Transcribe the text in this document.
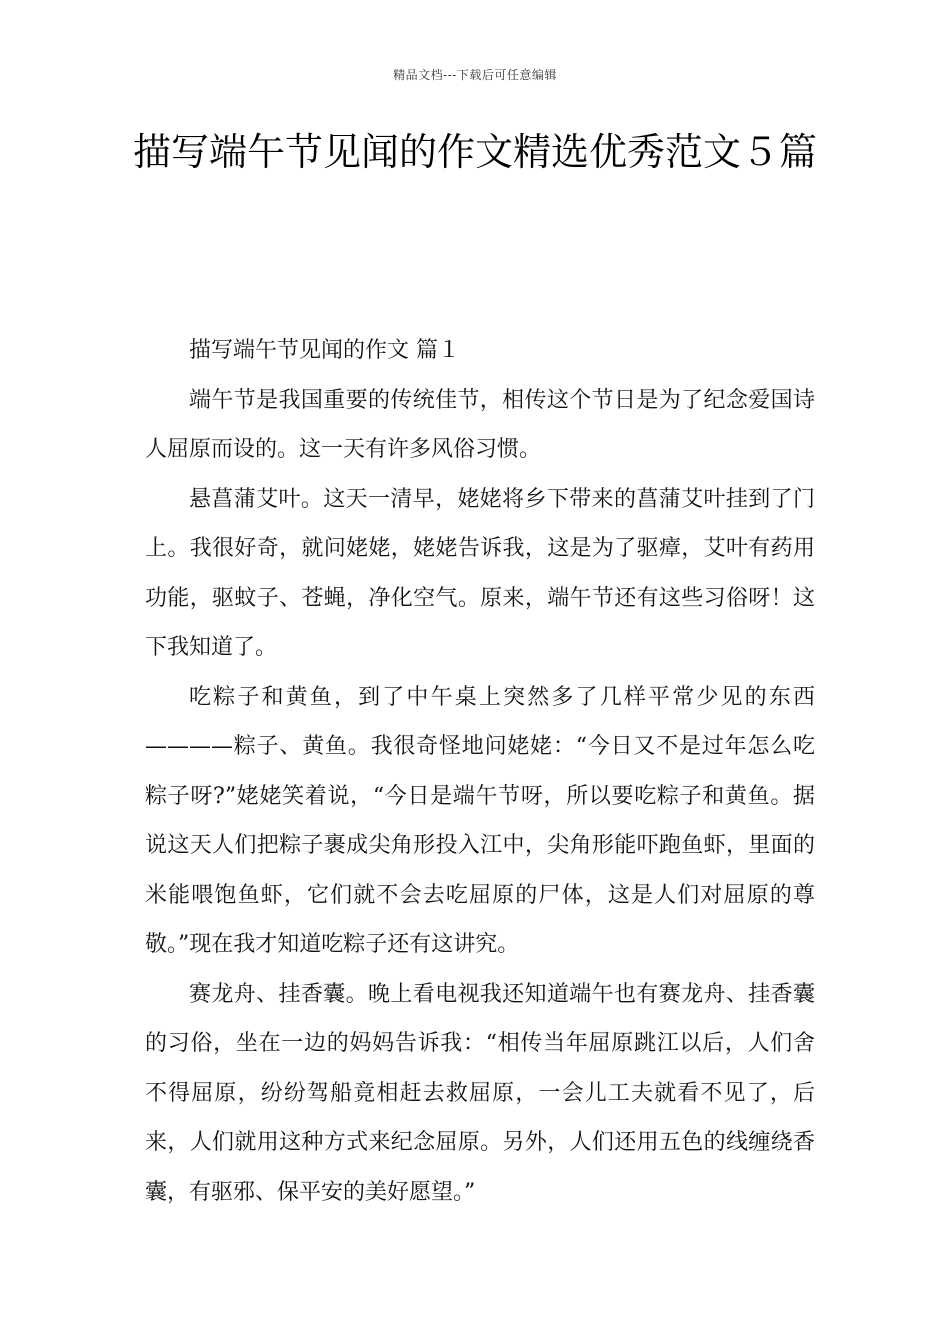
精品文档---下载后可任意编辑
描写端午节见闻的作文精选优秀范文５篇

描写端午节见闻的作文 篇１

端午节是我国重要的传统佳节，相传这个节日是为了纪念爱国诗人屈原而设的。这一天有许多风俗习惯。

悬菖蒲艾叶。这天一清早，姥姥将乡下带来的菖蒲艾叶挂到了门上。我很好奇，就问姥姥，姥姥告诉我，这是为了驱瘴，艾叶有药用功能，驱蚊子、苍蝇，净化空气。原来，端午节还有这些习俗呀！这下我知道了。

吃粽子和黄鱼，到了中午桌上突然多了几样平常少见的东西————粽子、黄鱼。我很奇怪地问姥姥：“今日又不是过年怎么吃粽子呀?”姥姥笑着说，“今日是端午节呀，所以要吃粽子和黄鱼。据说这天人们把粽子裹成尖角形投入江中，尖角形能吓跑鱼虾，里面的米能喂饱鱼虾，它们就不会去吃屈原的尸体，这是人们对屈原的尊敬。”现在我才知道吃粽子还有这讲究。

赛龙舟、挂香囊。晚上看电视我还知道端午也有赛龙舟、挂香囊的习俗，坐在一边的妈妈告诉我：“相传当年屈原跳江以后，人们舍不得屈原，纷纷驾船竟相赶去救屈原，一会儿工夫就看不见了，后来，人们就用这种方式来纪念屈原。另外，人们还用五色的线缠绕香囊，有驱邪、保平安的美好愿望。”
